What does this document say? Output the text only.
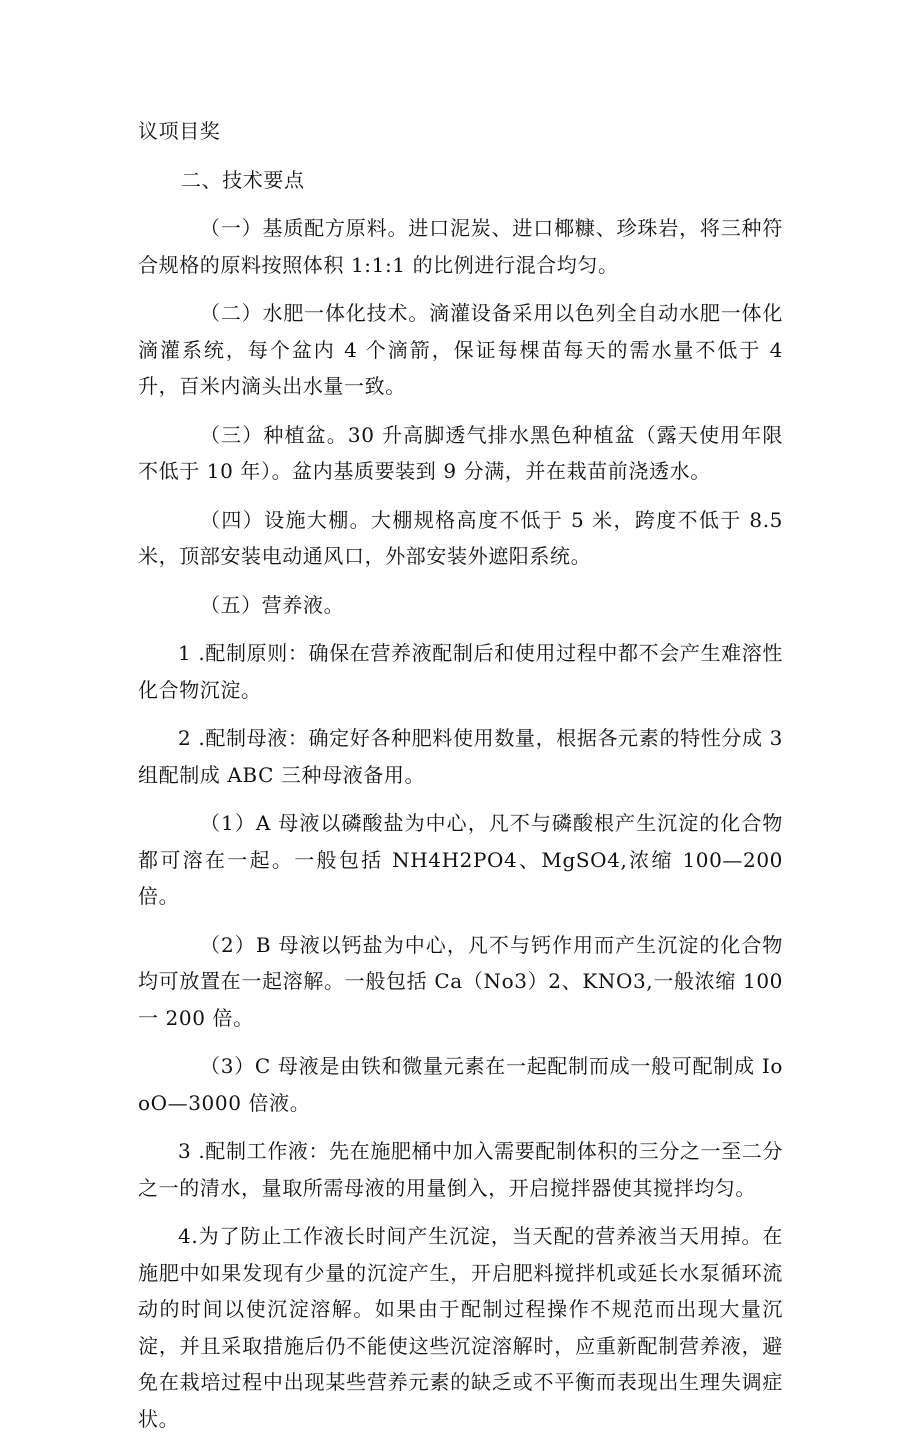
议项目奖

二、技术要点

（一）基质配方原料。进口泥炭、进口椰糠、珍珠岩，将三种符合规格的原料按照体积 1:1:1 的比例进行混合均匀。

（二）水肥一体化技术。滴灌设备采用以色列全自动水肥一体化滴灌系统，每个盆内 4 个滴箭，保证每棵苗每天的需水量不低于 4 升，百米内滴头出水量一致。

（三）种植盆。30 升高脚透气排水黑色种植盆（露天使用年限不低于 10 年）。盆内基质要装到 9 分满，并在栽苗前浇透水。

（四）设施大棚。大棚规格高度不低于 5 米，跨度不低于 8.5 米，顶部安装电动通风口，外部安装外遮阳系统。

（五）营养液。

1 .配制原则：确保在营养液配制后和使用过程中都不会产生难溶性化合物沉淀。

2 .配制母液：确定好各种肥料使用数量，根据各元素的特性分成 3 组配制成 ABC 三种母液备用。

（1）A 母液以磷酸盐为中心，凡不与磷酸根产生沉淀的化合物都可溶在一起。一般包括 NH4H2PO4、MgSO4,浓缩 100—200 倍。

（2）B 母液以钙盐为中心，凡不与钙作用而产生沉淀的化合物均可放置在一起溶解。一般包括 Ca（No3）2、KNO3,一般浓缩 100 一 200 倍。

（3）C 母液是由铁和微量元素在一起配制而成一般可配制成 IooO—3000 倍液。

3 .配制工作液：先在施肥桶中加入需要配制体积的三分之一至二分之一的清水，量取所需母液的用量倒入，开启搅拌器使其搅拌均匀。

4.为了防止工作液长时间产生沉淀，当天配的营养液当天用掉。在施肥中如果发现有少量的沉淀产生，开启肥料搅拌机或延长水泵循环流动的时间以使沉淀溶解。如果由于配制过程操作不规范而出现大量沉淀，并且采取措施后仍不能使这些沉淀溶解时，应重新配制营养液，避免在栽培过程中出现某些营养元素的缺乏或不平衡而表现出生理失调症状。
